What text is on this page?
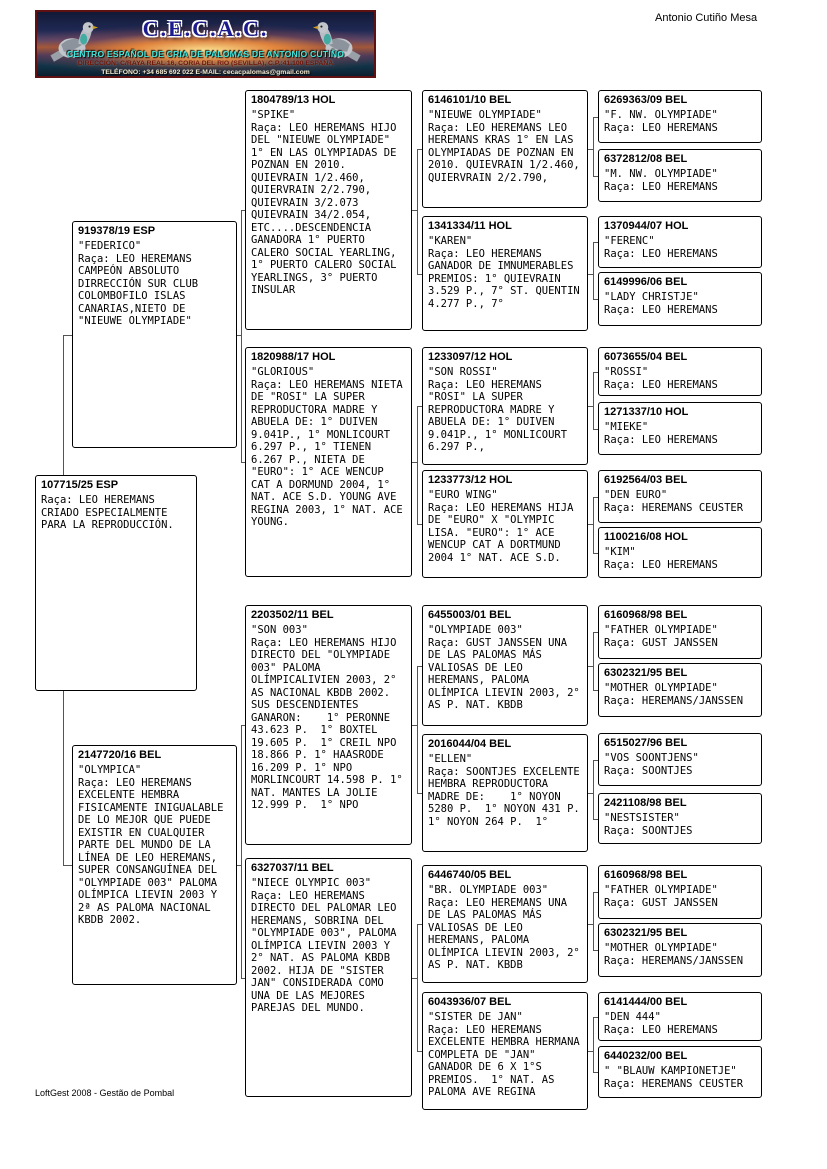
Antonio Cutiño Mesa
C.E.C.A.C.
CENTRO ESPAÑOL DE CRIA DE PALOMAS DE ANTONIO CUTIÑO
DIRECCIÓN: C/RAYA REAL 16, CORIA DEL RIO (SEVILLA), C.P.:41.100 ESPAÑA
TELÉFONO: +34 685 692 022 E-MAIL: cecacpalomas@gmail.com
107715/25 ESP
Raça: LEO HEREMANS CRIADO ESPECIALMENTE PARA LA REPRODUCCIÓN.
919378/19 ESP
"FEDERICO"
Raça: LEO HEREMANS CAMPEÓN ABSOLUTO DIRRECCIÓN SUR CLUB COLOMBOFILO ISLAS CANARIAS,NIETO DE "NIEUWE OLYMPIADE"
2147720/16 BEL
"OLYMPICA"
Raça: LEO HEREMANS EXCELENTE HEMBRA FISICAMENTE INIGUALABLE DE LO MEJOR QUE PUEDE EXISTIR EN CUALQUIER PARTE DEL MUNDO DE LA LÍNEA DE LEO HEREMANS, SUPER CONSANGUÍNEA DEL "OLYMPIADE 003" PALOMA OLÍMPICA LIEVIN 2003 Y 2ª AS PALOMA NACIONAL KBDB 2002.
1804789/13 HOL
"SPIKE"
Raça: LEO HEREMANS HIJO DEL "NIEUWE OLYMPIADE"  1° EN LAS OLYMPIADAS DE POZNAN EN 2010.  QUIEVRAIN 1/2.460, QUIERVRAIN 2/2.790, QUIEVRAIN 3/2.073 QUIEVRAIN 34/2.054, ETC....DESCENDENCIA GANADORA 1° PUERTO CALERO SOCIAL YEARLING, 1° PUERTO CALERO SOCIAL YEARLINGS, 3° PUERTO INSULAR
1820988/17 HOL
"GLORIOUS"
Raça: LEO HEREMANS NIETA DE "ROSI" LA SUPER REPRODUCTORA MADRE Y ABUELA DE: 1° DUIVEN 9.041P., 1° MONLICOURT 6.297 P., 1° TIENEN 6.267 P., NIETA DE "EURO": 1° ACE WENCUP CAT A DORMUND 2004, 1° NAT. ACE S.D. YOUNG AVE REGINA 2003, 1° NAT. ACE YOUNG.
2203502/11 BEL
"SON 003"
Raça: LEO HEREMANS HIJO DIRECTO DEL "OLYMPIADE 003" PALOMA OLÍMPICALIVIEN 2003, 2° AS NACIONAL KBDB 2002. SUS DESCENDIENTES GANARON:    1° PERONNE 43.623 P.  1° BOXTEL 19.605 P.  1° CREIL NPO 18.866 P. 1° HAASRODE 16.209 P. 1° NPO MORLINCOURT 14.598 P. 1° NAT. MANTES LA JOLIE 12.999 P.  1° NPO
6327037/11 BEL
"NIECE OLYMPIC 003"
Raça: LEO HEREMANS DIRECTO DEL PALOMAR LEO HEREMANS, SOBRINA DEL "OLYMPIADE 003", PALOMA OLÍMPICA LIEVIN 2003 Y 2° NAT. AS PALOMA KBDB 2002. HIJA DE "SISTER JAN" CONSIDERADA COMO UNA DE LAS MEJORES PAREJAS DEL MUNDO.
6146101/10 BEL
"NIEUWE OLYMPIADE"
Raça: LEO HEREMANS LEO HEREMANS KRAS 1° EN LAS OLYMPIADAS DE POZNAN EN 2010. QUIEVRAIN 1/2.460, QUIERVRAIN 2/2.790,
1341334/11 HOL
"KAREN"
Raça: LEO HEREMANS GANADOR DE IMNUMERABLES PREMIOS: 1° QUIEVRAIN 3.529 P., 7° ST. QUENTIN 4.277 P., 7°
1233097/12 HOL
"SON ROSSI"
Raça: LEO HEREMANS "ROSI" LA SUPER REPRODUCTORA MADRE Y ABUELA DE: 1° DUIVEN 9.041P., 1° MONLICOURT 6.297 P.,
1233773/12 HOL
"EURO WING"
Raça: LEO HEREMANS HIJA DE "EURO" X "OLYMPIC LISA. "EURO": 1° ACE WENCUP CAT A DORTMUND 2004 1° NAT. ACE S.D.
6455003/01 BEL
"OLYMPIADE 003"
Raça: GUST JANSSEN UNA DE LAS PALOMAS MÁS VALIOSAS DE LEO HEREMANS, PALOMA OLÍMPICA LIEVIN 2003, 2° AS P. NAT. KBDB
2016044/04 BEL
"ELLEN"
Raça: SOONTJES EXCELENTE HEMBRA REPRODUCTORA MADRE DE:    1° NOYON 5280 P.  1° NOYON 431 P. 1° NOYON 264 P.  1°
6446740/05 BEL
"BR. OLYMPIADE 003"
Raça: LEO HEREMANS UNA DE LAS PALOMAS MÁS VALIOSAS DE LEO HEREMANS, PALOMA OLÍMPICA LIEVIN 2003, 2° AS P. NAT. KBDB
6043936/07 BEL
"SISTER DE JAN"
Raça: LEO HEREMANS EXCELENTE HEMBRA HERMANA COMPLETA DE "JAN"  GANADOR DE 6 X 1°S PREMIOS.  1° NAT. AS PALOMA AVE REGINA
6269363/09 BEL
"F. NW. OLYMPIADE"
Raça: LEO HEREMANS
6372812/08 BEL
"M. NW. OLYMPIADE"
Raça: LEO HEREMANS
1370944/07 HOL
"FERENC"
Raça: LEO HEREMANS
6149996/06 BEL
"LADY CHRISTJE"
Raça: LEO HEREMANS
6073655/04 BEL
"ROSSI"
Raça: LEO HEREMANS
1271337/10 HOL
"MIEKE"
Raça: LEO HEREMANS
6192564/03 BEL
"DEN EURO"
Raça: HEREMANS CEUSTER
1100216/08 HOL
"KIM"
Raça: LEO HEREMANS
6160968/98 BEL
"FATHER OLYMPIADE"
Raça: GUST JANSSEN
6302321/95 BEL
"MOTHER OLYMPIADE"
Raça: HEREMANS/JANSSEN
6515027/96 BEL
"VOS SOONTJENS"
Raça: SOONTJES
2421108/98 BEL
"NESTSISTER"
Raça: SOONTJES
6160968/98 BEL
"FATHER OLYMPIADE"
Raça: GUST JANSSEN
6302321/95 BEL
"MOTHER OLYMPIADE"
Raça: HEREMANS/JANSSEN
6141444/00 BEL
"DEN 444"
Raça: LEO HEREMANS
6440232/00 BEL
" "BLAUW KAMPIONETJE"
Raça: HEREMANS CEUSTER
LoftGest 2008 - Gestão de Pombal
